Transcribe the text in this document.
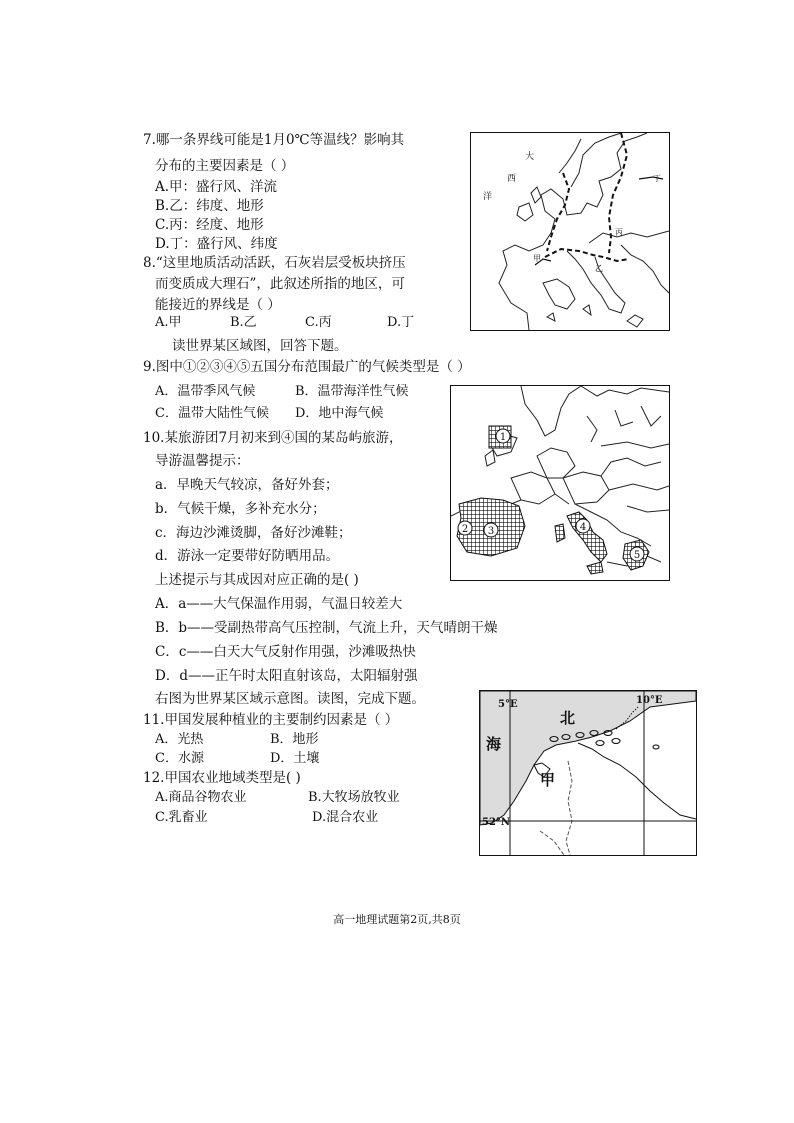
7.哪一条界线可能是1月0℃等温线？影响其
分布的主要因素是（ ）
A.甲：盛行风、洋流
B.乙：纬度、地形
C.丙：经度、地形
D.丁：盛行风、纬度
8.“这里地质活动活跃，石灰岩层受板块挤压
而变质成大理石”，此叙述所指的地区，可
能接近的界线是（ ）
A.甲	B.乙	C.丙	D.丁
读世界某区域图，回答下题。
9.图中①②③④⑤五国分布范围最广的气候类型是（ ）
A．温带季风气候	B．温带海洋性气候
C．温带大陆性气候 D．地中海气候
10.某旅游团7月初来到④国的某岛屿旅游，
导游温馨提示：
a．早晚天气较凉，备好外套；
b．气候干燥，多补充水分；
c．海边沙滩烫脚，备好沙滩鞋；
d．游泳一定要带好防晒用品。
上述提示与其成因对应正确的是( )
A．a——大气保温作用弱，气温日较差大
B．b——受副热带高气压控制，气流上升，天气晴朗干燥
C．c——白天大气反射作用强，沙滩吸热快
D．d——正午时太阳直射该岛，太阳辐射强
右图为世界某区域示意图。读图，完成下题。
11.甲国发展种植业的主要制约因素是（ ）
A．光热	B．地形
C．水源	D．土壤
12.甲国农业地域类型是( )
A.商品谷物农业	B.大牧场放牧业
C.乳畜业	D.混合农业
大
西
洋
甲
乙
丙
丁
1
2 3	4
5
5°E	10°E
北
海
甲
52°N
高一地理试题第2页,共8页
